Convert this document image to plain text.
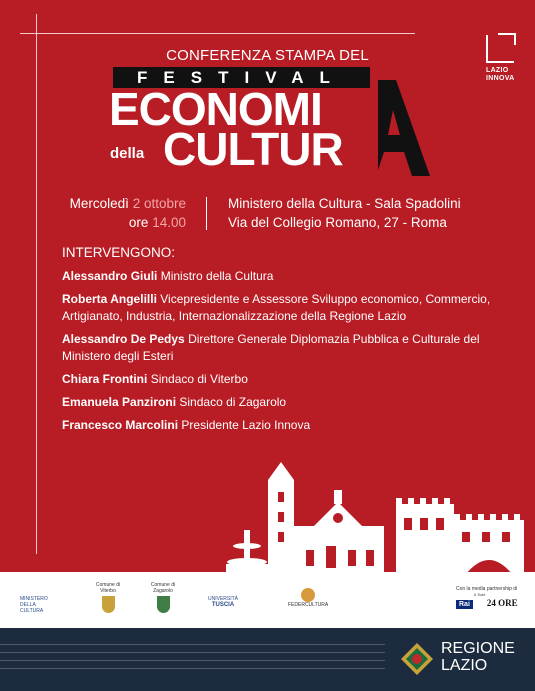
LAZIO
INNOVA
CONFERENZA STAMPA DEL
FESTIVAL
ECONOMI
della CULTUR
Mercoledì 2 ottobre
ore 14.00
Ministero della Cultura - Sala Spadolini
Via del Collegio Romano, 27 - Roma
INTERVENGONO:
Alessandro Giuli Ministro della Cultura
Roberta Angelilli Vicepresidente e Assessore Sviluppo economico, Commercio, Artigianato, Industria, Internazionalizzazione della Regione Lazio
Alessandro De Pedys Direttore Generale Diplomazia Pubblica e Culturale del Ministero degli Esteri
Chiara Frontini Sindaco di Viterbo
Emanuela Panzironi Sindaco di Zagarolo
Francesco Marcolini Presidente Lazio Innova
MINISTERO
DELLA
CULTURA
Comune di Viterbo
Comune di Zagarolo
UNIVERSITÀ
TUSCIA	FEDERCULTURA
Con la media partnership di
Rai $^{Il Sole}$ 24 ORE
REGIONE
LAZIO
